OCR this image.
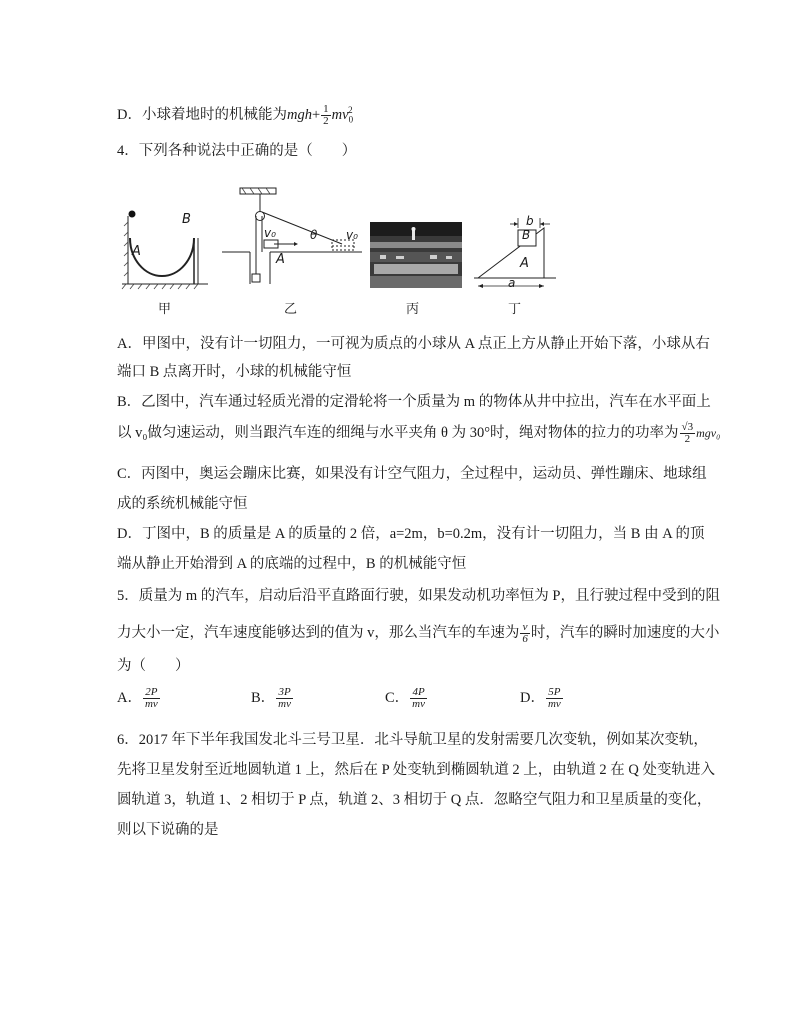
D．小球着地时的机械能为$mgh+ \frac{1}{2} mv_0^2$
4．下列各种说法中正确的是（　　）
B
A
甲
v₀	θ v₀
A
乙	丙
b
B
A
a
丁
A．甲图中，没有计一切阻力，一可视为质点的小球从 A 点正上方从静止开始下落，小球从右
端口 B 点离开时，小球的机械能守恒
B．乙图中，汽车通过轻质光滑的定滑轮将一个质量为 m 的物体从井中拉出，汽车在水平面上
以 v₀做匀速运动，则当跟汽车连的细绳与水平夹角 θ 为 30°时，绳对物体的拉力的功率为 $\frac{√3}{2} mgv_0$
C．丙图中，奥运会蹦床比赛，如果没有计空气阻力，全过程中，运动员、弹性蹦床、地球组
成的系统机械能守恒
D．丁图中，B 的质量是 A 的质量的 2 倍，a=2m，b=0.2m，没有计一切阻力，当 B 由 A 的顶
端从静止开始滑到 A 的底端的过程中，B 的机械能守恒
5．质量为 m 的汽车，启动后沿平直路面行驶，如果发动机功率恒为 P，且行驶过程中受到的阻
力大小一定，汽车速度能够达到的值为 v，那么当汽车的车速为 $\frac{v}{6}$ 时，汽车的瞬时加速度的大小
为（　　）
A． $\frac{2P}{mv}$	B． $\frac{3P}{mv}$	C． $\frac{4P}{mv}$	D． $\frac{5P}{mv}$
6．2017 年下半年我国发北斗三号卫星．北斗导航卫星的发射需要几次变轨，例如某次变轨，
先将卫星发射至近地圆轨道 1 上，然后在 P 处变轨到椭圆轨道 2 上，由轨道 2 在 Q 处变轨进入
圆轨道 3，轨道 1、2 相切于 P 点，轨道 2、3 相切于 Q 点．忽略空气阻力和卫星质量的变化，
则以下说确的是
